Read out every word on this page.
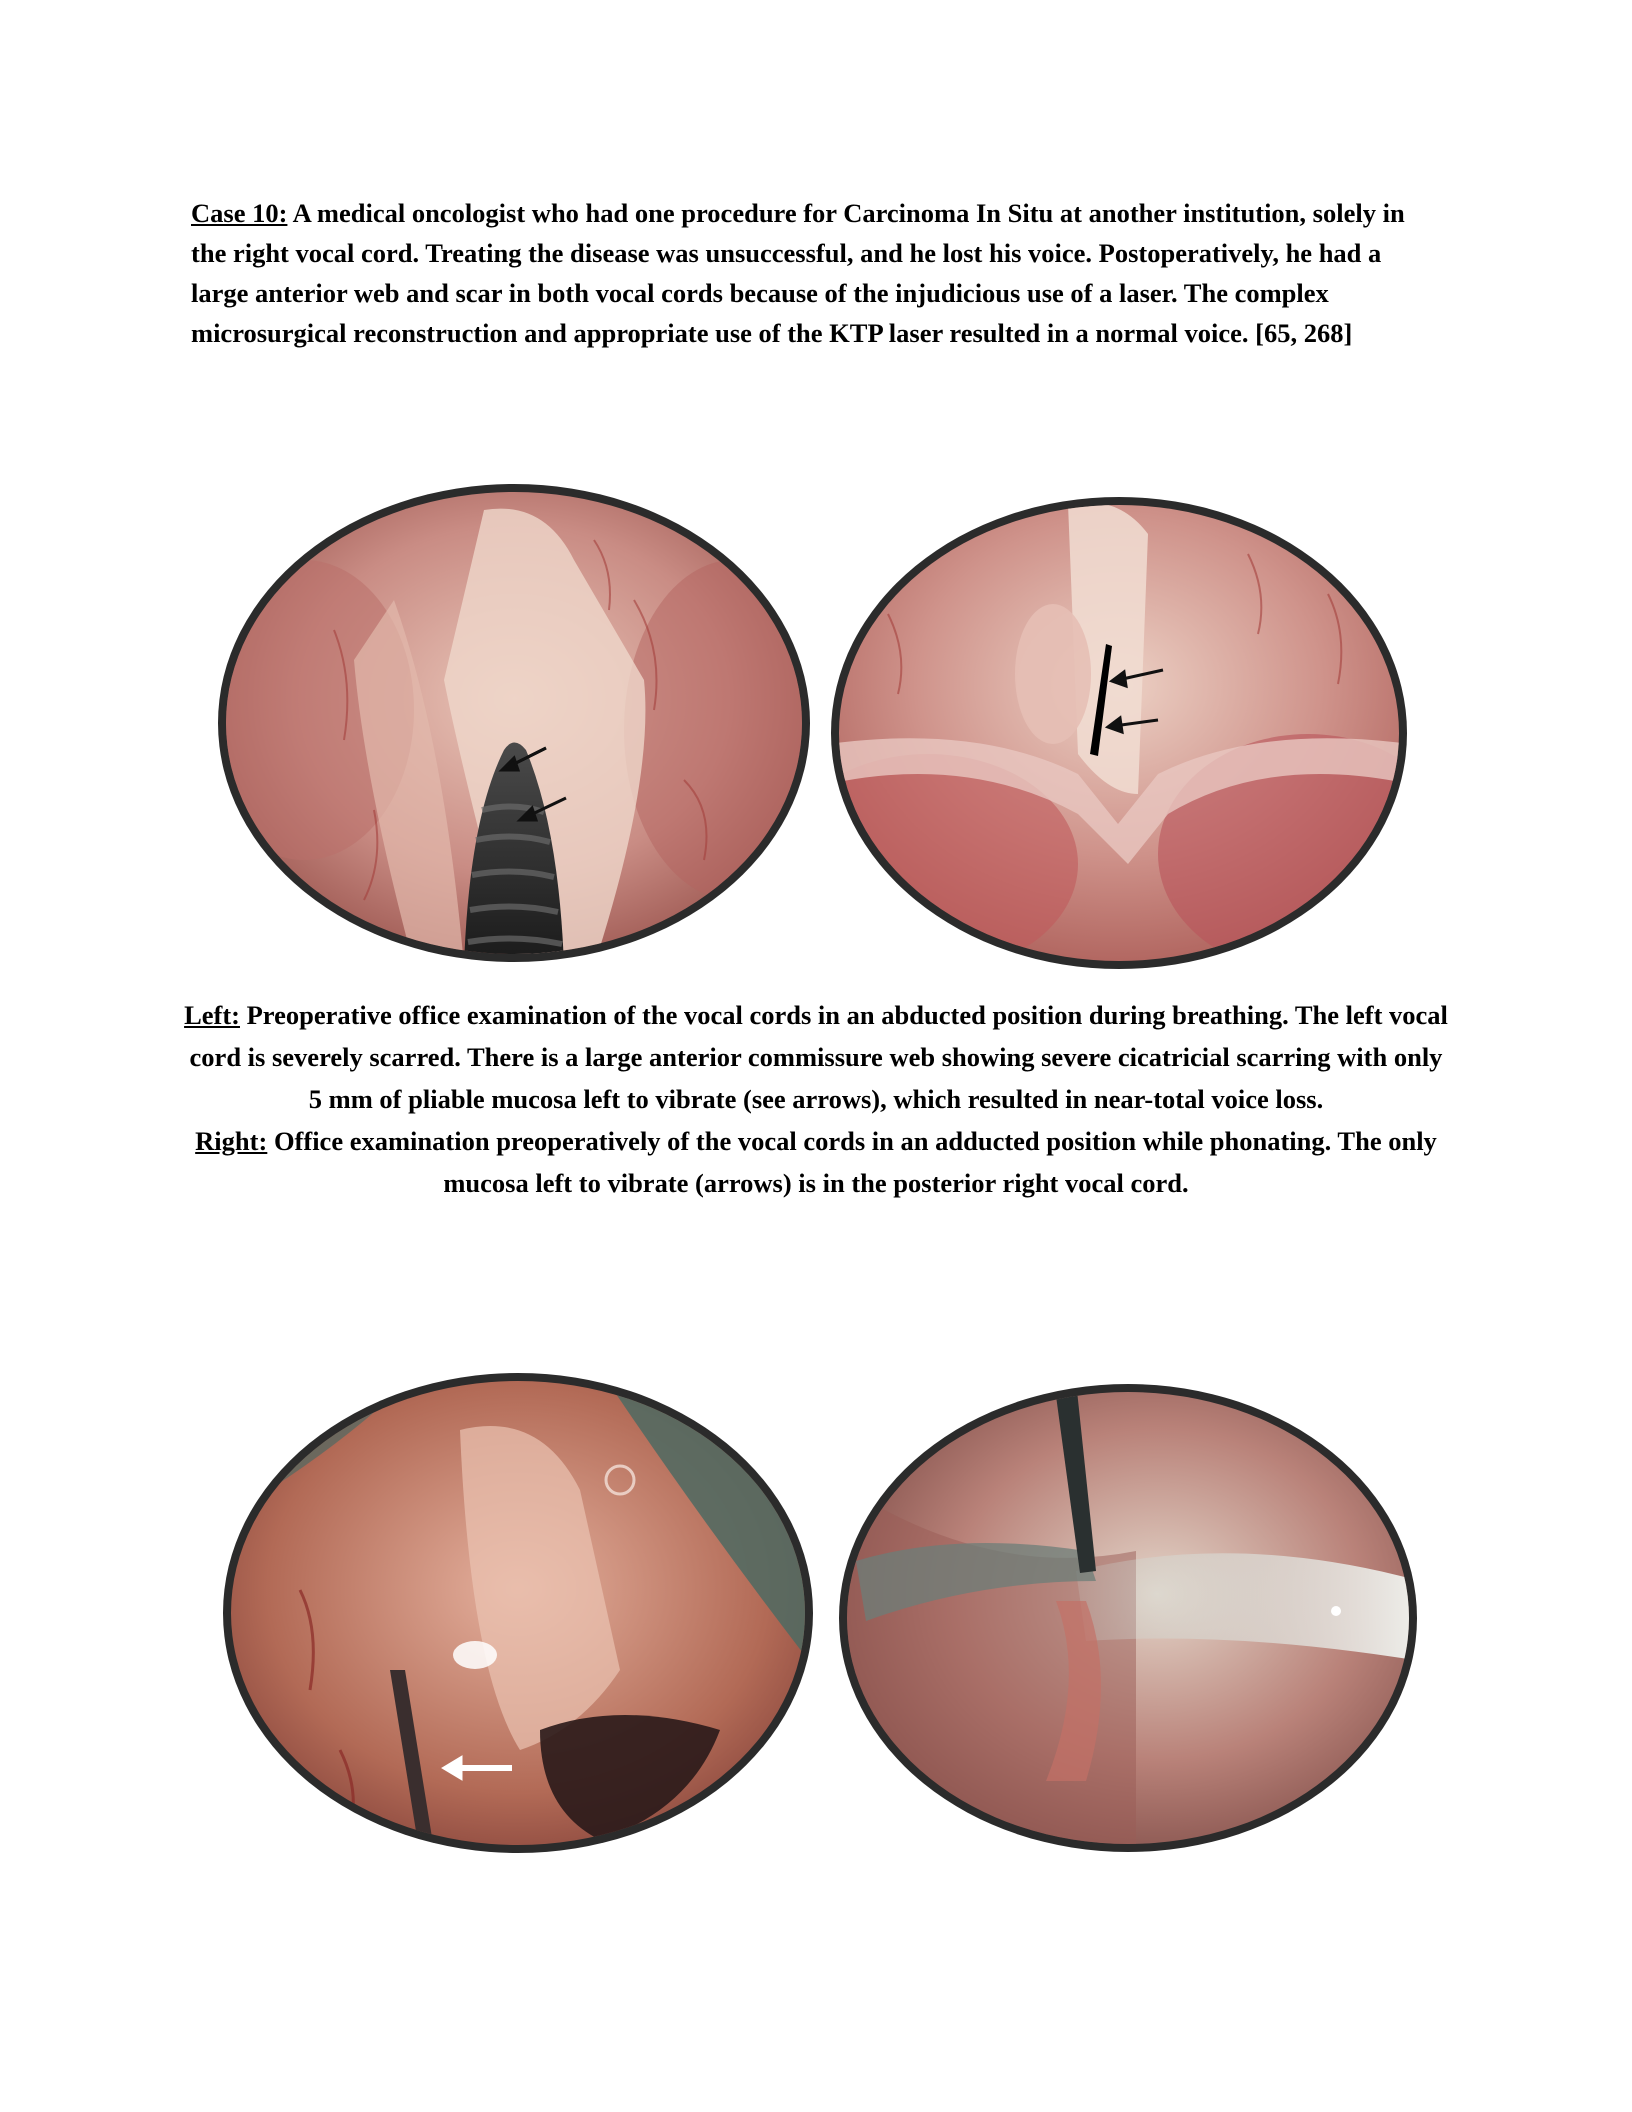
Case 10: A medical oncologist who had one procedure for Carcinoma In Situ at another institution, solely in the right vocal cord. Treating the disease was unsuccessful, and he lost his voice. Postoperatively, he had a large anterior web and scar in both vocal cords because of the injudicious use of a laser. The complex microsurgical reconstruction and appropriate use of the KTP laser resulted in a normal voice. [65, 268]

Left: Preoperative office examination of the vocal cords in an abducted position during breathing. The left vocal cord is severely scarred. There is a large anterior commissure web showing severe cicatricial scarring with only 5 mm of pliable mucosa left to vibrate (see arrows), which resulted in near-total voice loss.
Right: Office examination preoperatively of the vocal cords in an adducted position while phonating. The only mucosa left to vibrate (arrows) is in the posterior right vocal cord.
